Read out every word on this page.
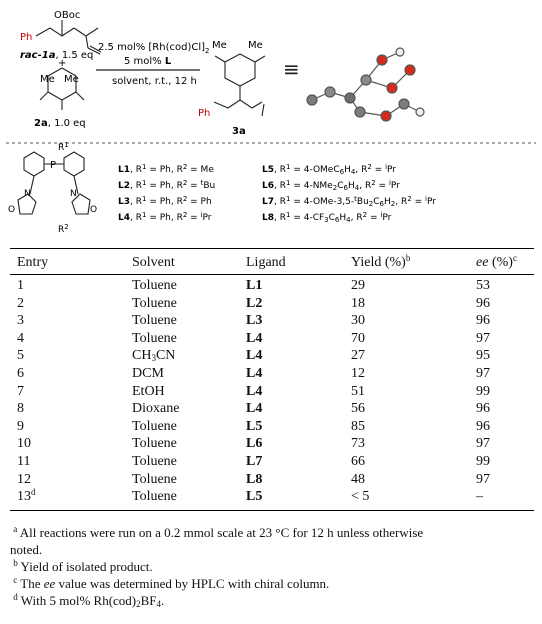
≡
OBoc
Ph
rac-1a, 1.5 eq
+
Me Me
2a, 1.0 eq
2.5 mol% $[Rh(cod)Cl]_2$
5 mol% L
solvent, r.t., 12 h
Me Me
Ph
3a
$R^1$
P
N	N
O	O
$R^2$
L1, $R^1 = Ph$, $R^2 = Me$
L2, $R^1 = Ph$, $R^2 = ^tBu$
L3, $R^1 = Ph$, $R^2 = Ph$
L4, $R^1 = Ph$, $R^2 = ^iPr$
L5, $R^1$ = $4-OMeC_6H_4$, $R^2 = ^iPr$
L6, $R^1 = 4-NMe_2C_6H_4$, $R^2 = ^iPr$
L7, $R^1 = 4-OMe-3,5-^tBu_2C_6H_2$, $R^2 = ^iPr$
L8, $R^1 = 4-CF_3C_6H_4$, $R^2 = ^iPr$
Entry	Solvent	Ligand	Yield (%)$^b$	ee (%)$^c$
1	Toluene	L1	29	53
2	Toluene	L2	18	96
3	Toluene	L3	30	96
4	Toluene	L4	70	97
5	$CH_3CN$	L4	27	95
6	DCM	L4	12	97
7	EtOH	L4	51	99
8	Dioxane	L4	56	96
9	Toluene	L5	85	96
10	Toluene	L6	73	97
11	Toluene	L7	66	99
12	Toluene	L8	48	97
13$^d$	Toluene	L5	< 5	–
$^a$ All reactions were run on a 0.2 mmol scale at 23 °C for 12 h unless otherwise
noted.
$^b$ Yield of isolated product.
$^c$ The ee value was determined by HPLC with chiral column.
$^d$ With 5 mol% $Rh(cod)_2BF_4$.
